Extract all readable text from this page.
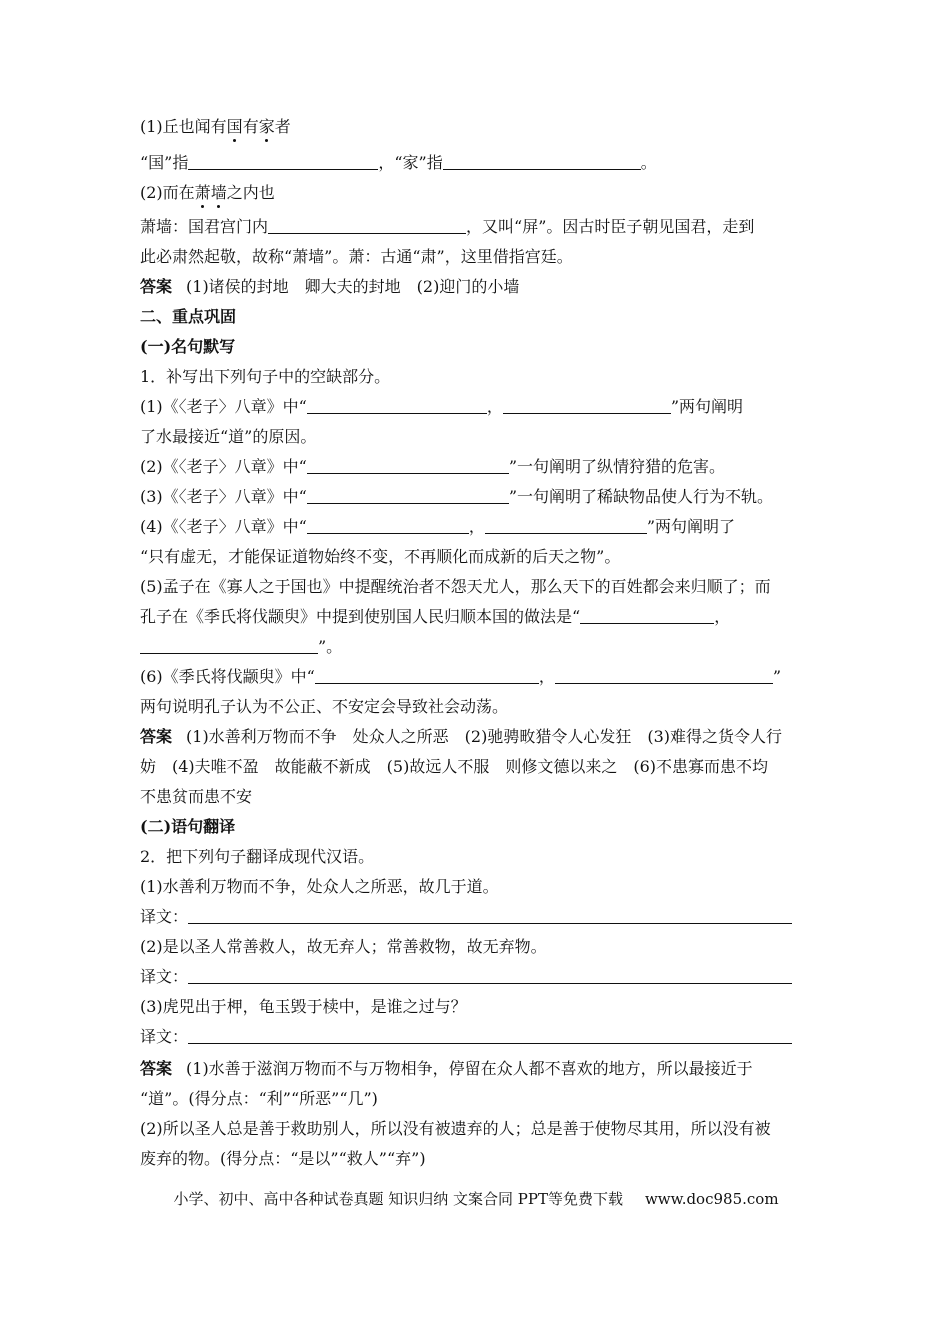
(1)丘也闻有国有家者
“国”指	，“家”指	。
(2)而在萧墙之内也
萧墙：国君宫门内	，又叫“屏”。因古时臣子朝见国君，走到
此必肃然起敬，故称“萧墙”。萧：古通“肃”，这里借指宫廷。
答案 (1)诸侯的封地　卿大夫的封地　(2)迎门的小墙
二、重点巩固
(一)名句默写
1．补写出下列句子中的空缺部分。
(1)《〈老子〉八章》中“	，	”两句阐明
了水最接近“道”的原因。
(2)《〈老子〉八章》中“	”一句阐明了纵情狩猎的危害。
(3)《〈老子〉八章》中“	”一句阐明了稀缺物品使人行为不轨。
(4)《〈老子〉八章》中“	，	”两句阐明了
“只有虚无，才能保证道物始终不变，不再顺化而成新的后天之物”。
(5)孟子在《寡人之于国也》中提醒统治者不怨天尤人，那么天下的百姓都会来归顺了；而
孔子在《季氏将伐颛臾》中提到使别国人民归顺本国的做法是“	，
”。
(6)《季氏将伐颛臾》中“	，	”
两句说明孔子认为不公正、不安定会导致社会动荡。
答案 (1)水善利万物而不争　处众人之所恶　(2)驰骋畋猎令人心发狂　(3)难得之货令人行
妨　(4)夫唯不盈　故能蔽不新成　(5)故远人不服　则修文德以来之　(6)不患寡而患不均
不患贫而患不安
(二)语句翻译
2．把下列句子翻译成现代汉语。
(1)水善利万物而不争，处众人之所恶，故几于道。
译文：
(2)是以圣人常善救人，故无弃人；常善救物，故无弃物。
译文：
(3)虎兕出于柙，龟玉毁于椟中，是谁之过与？
译文：
答案 (1)水善于滋润万物而不与万物相争，停留在众人都不喜欢的地方，所以最接近于
“道”。(得分点：“利”“所恶”“几”)
(2)所以圣人总是善于救助别人，所以没有被遗弃的人；总是善于使物尽其用，所以没有被
废弃的物。(得分点：“是以”“救人”“弃”)
小学、初中、高中各种试卷真题 知识归纳 文案合同 PPT等免费下载 www.doc985.com
